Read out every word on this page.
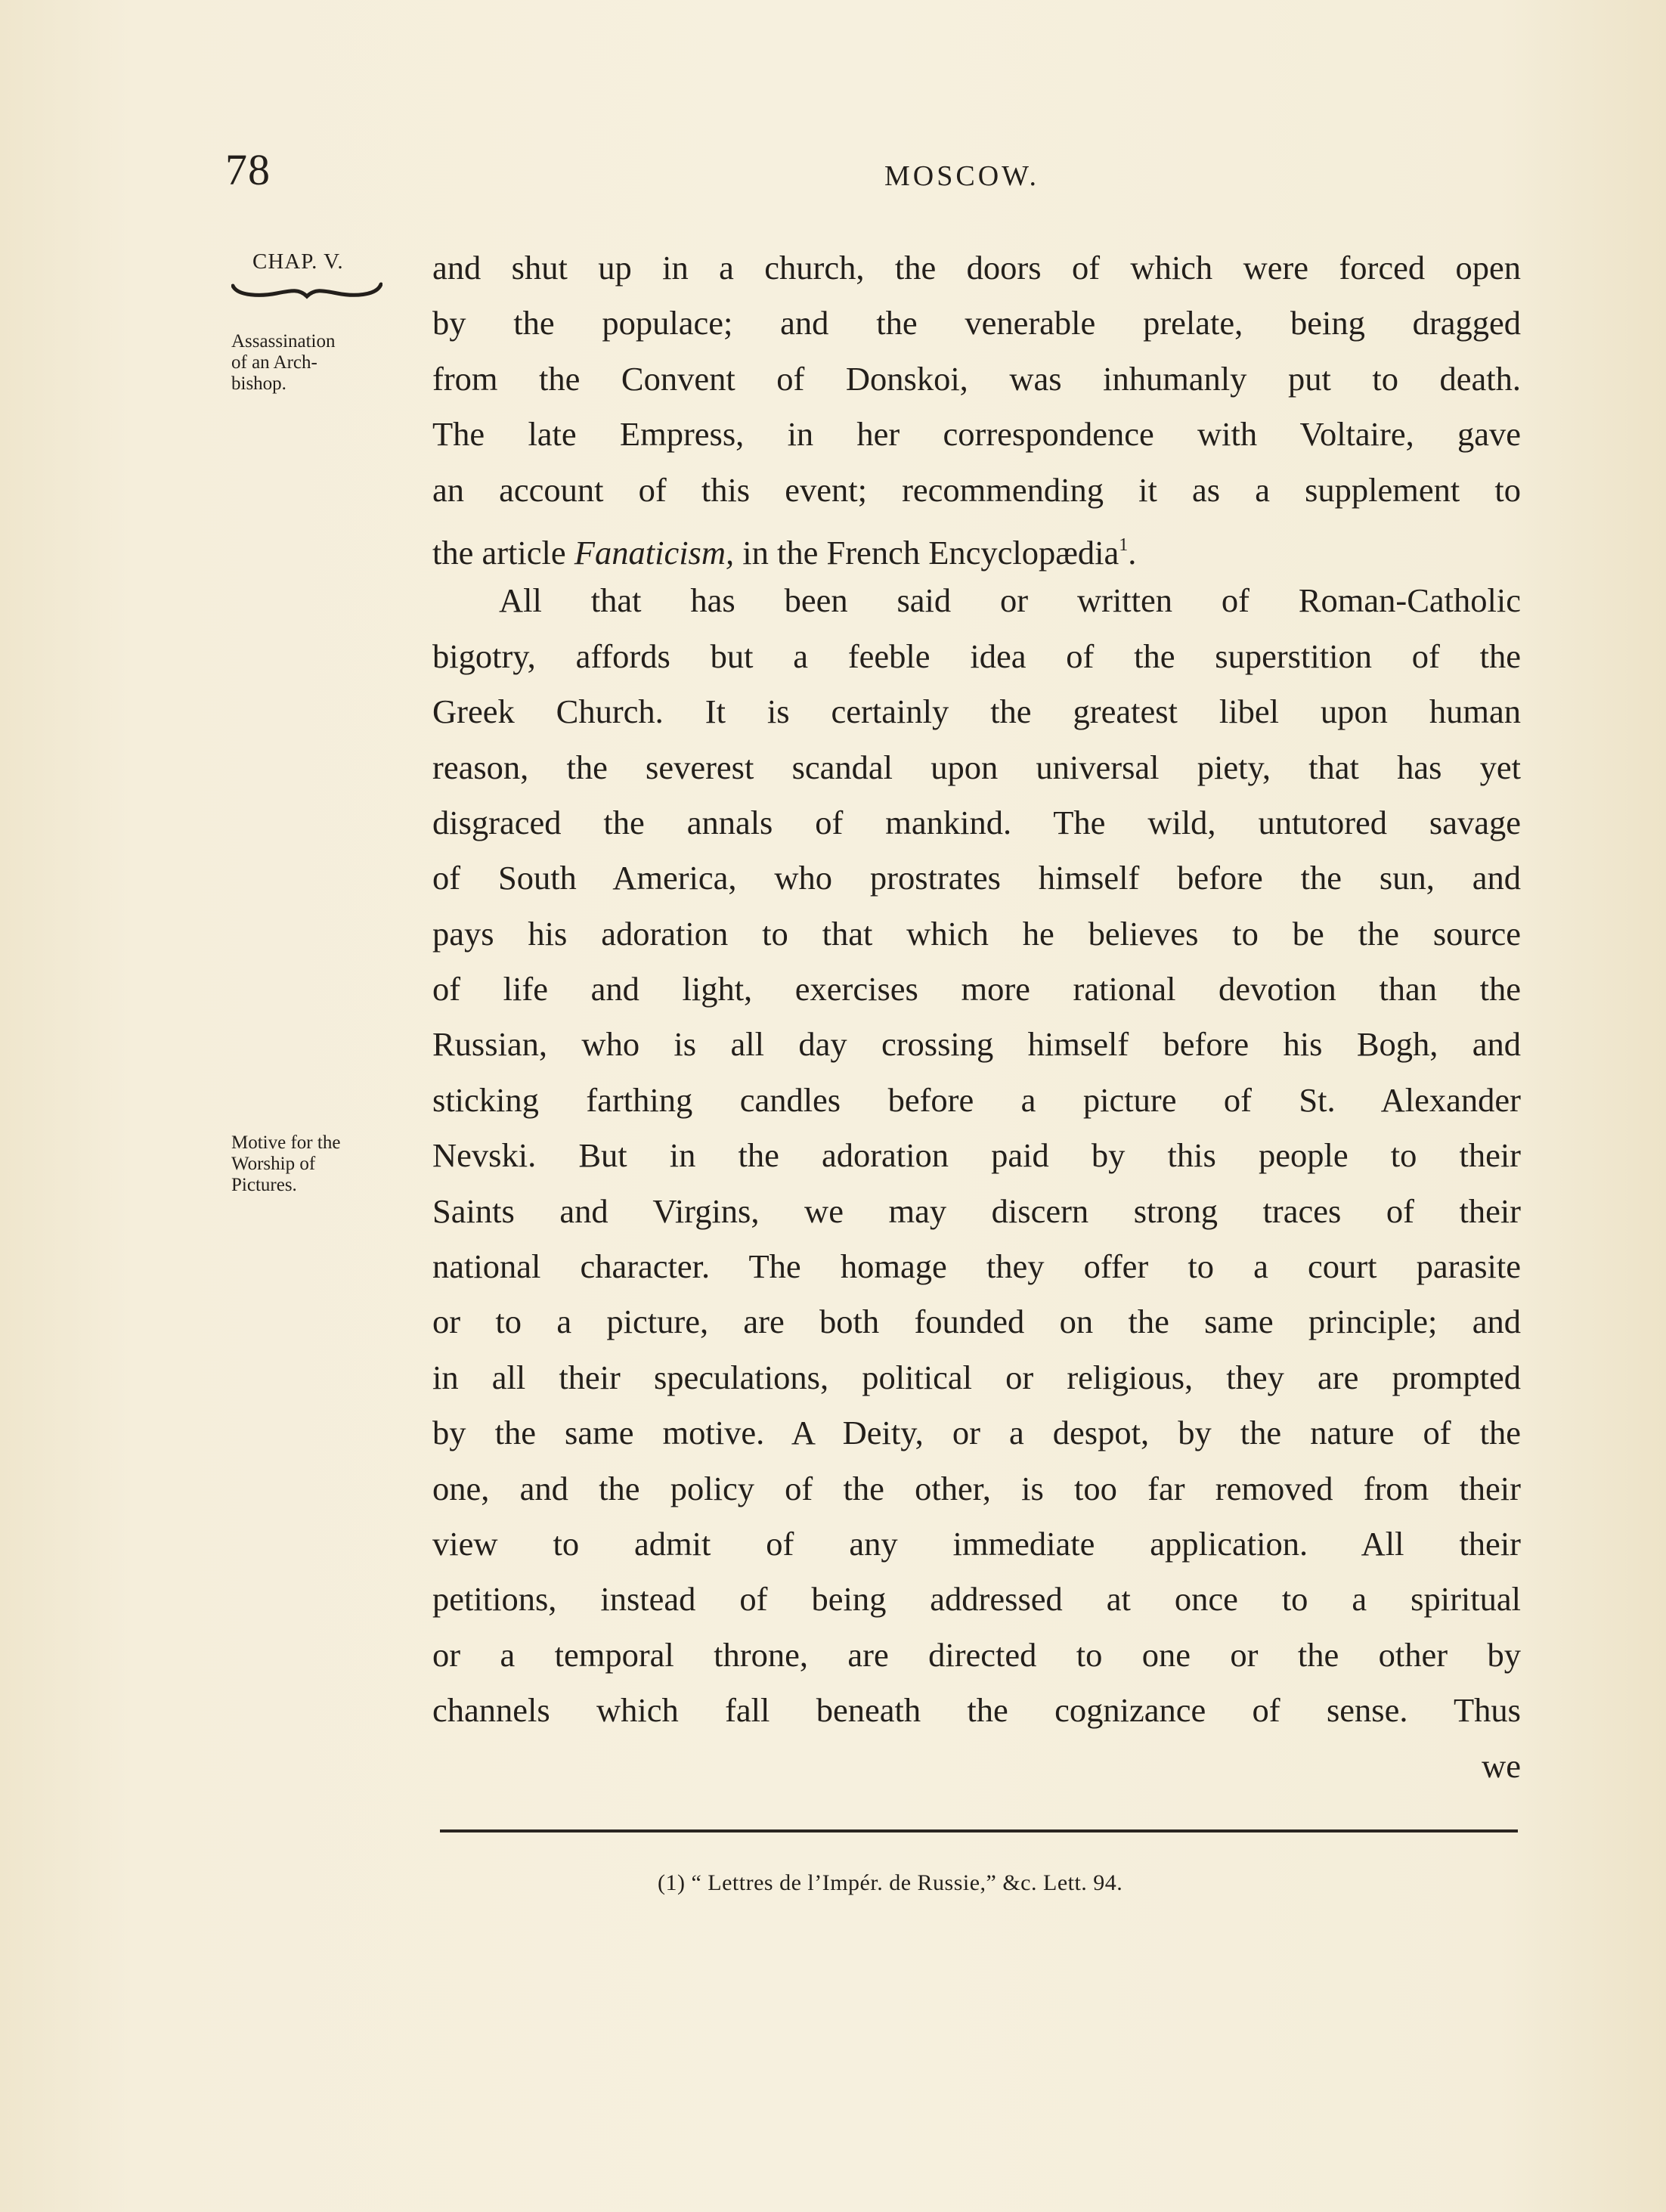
78	MOSCOW.
CHAP. V.
Assassination
of an Arch-
bishop.
Motive for the
Worship of
Pictures.
and shut up in a church, the doors of which were forced open
by the populace; and the venerable prelate, being dragged
from the Convent of Donskoi, was inhumanly put to death.
The late Empress, in her correspondence with Voltaire, gave
an account of this event; recommending it as a supplement to
the article Fanaticism, in the French Encyclopædia$^1$.
All that has been said or written of Roman-Catholic
bigotry, affords but a feeble idea of the superstition of the
Greek Church. It is certainly the greatest libel upon human
reason, the severest scandal upon universal piety, that has yet
disgraced the annals of mankind. The wild, untutored savage
of South America, who prostrates himself before the sun, and
pays his adoration to that which he believes to be the source
of life and light, exercises more rational devotion than the
Russian, who is all day crossing himself before his Bogh, and
sticking farthing candles before a picture of St. Alexander
Nevski. But in the adoration paid by this people to their
Saints and Virgins, we may discern strong traces of their
national character. The homage they offer to a court parasite
or to a picture, are both founded on the same principle; and
in all their speculations, political or religious, they are prompted
by the same motive. A Deity, or a despot, by the nature of the
one, and the policy of the other, is too far removed from their
view to admit of any immediate application. All their
petitions, instead of being addressed at once to a spiritual
or a temporal throne, are directed to one or the other by
channels which fall beneath the cognizance of sense. Thus
we
(1) “ Lettres de l’Impér. de Russie,” &c. Lett. 94.
